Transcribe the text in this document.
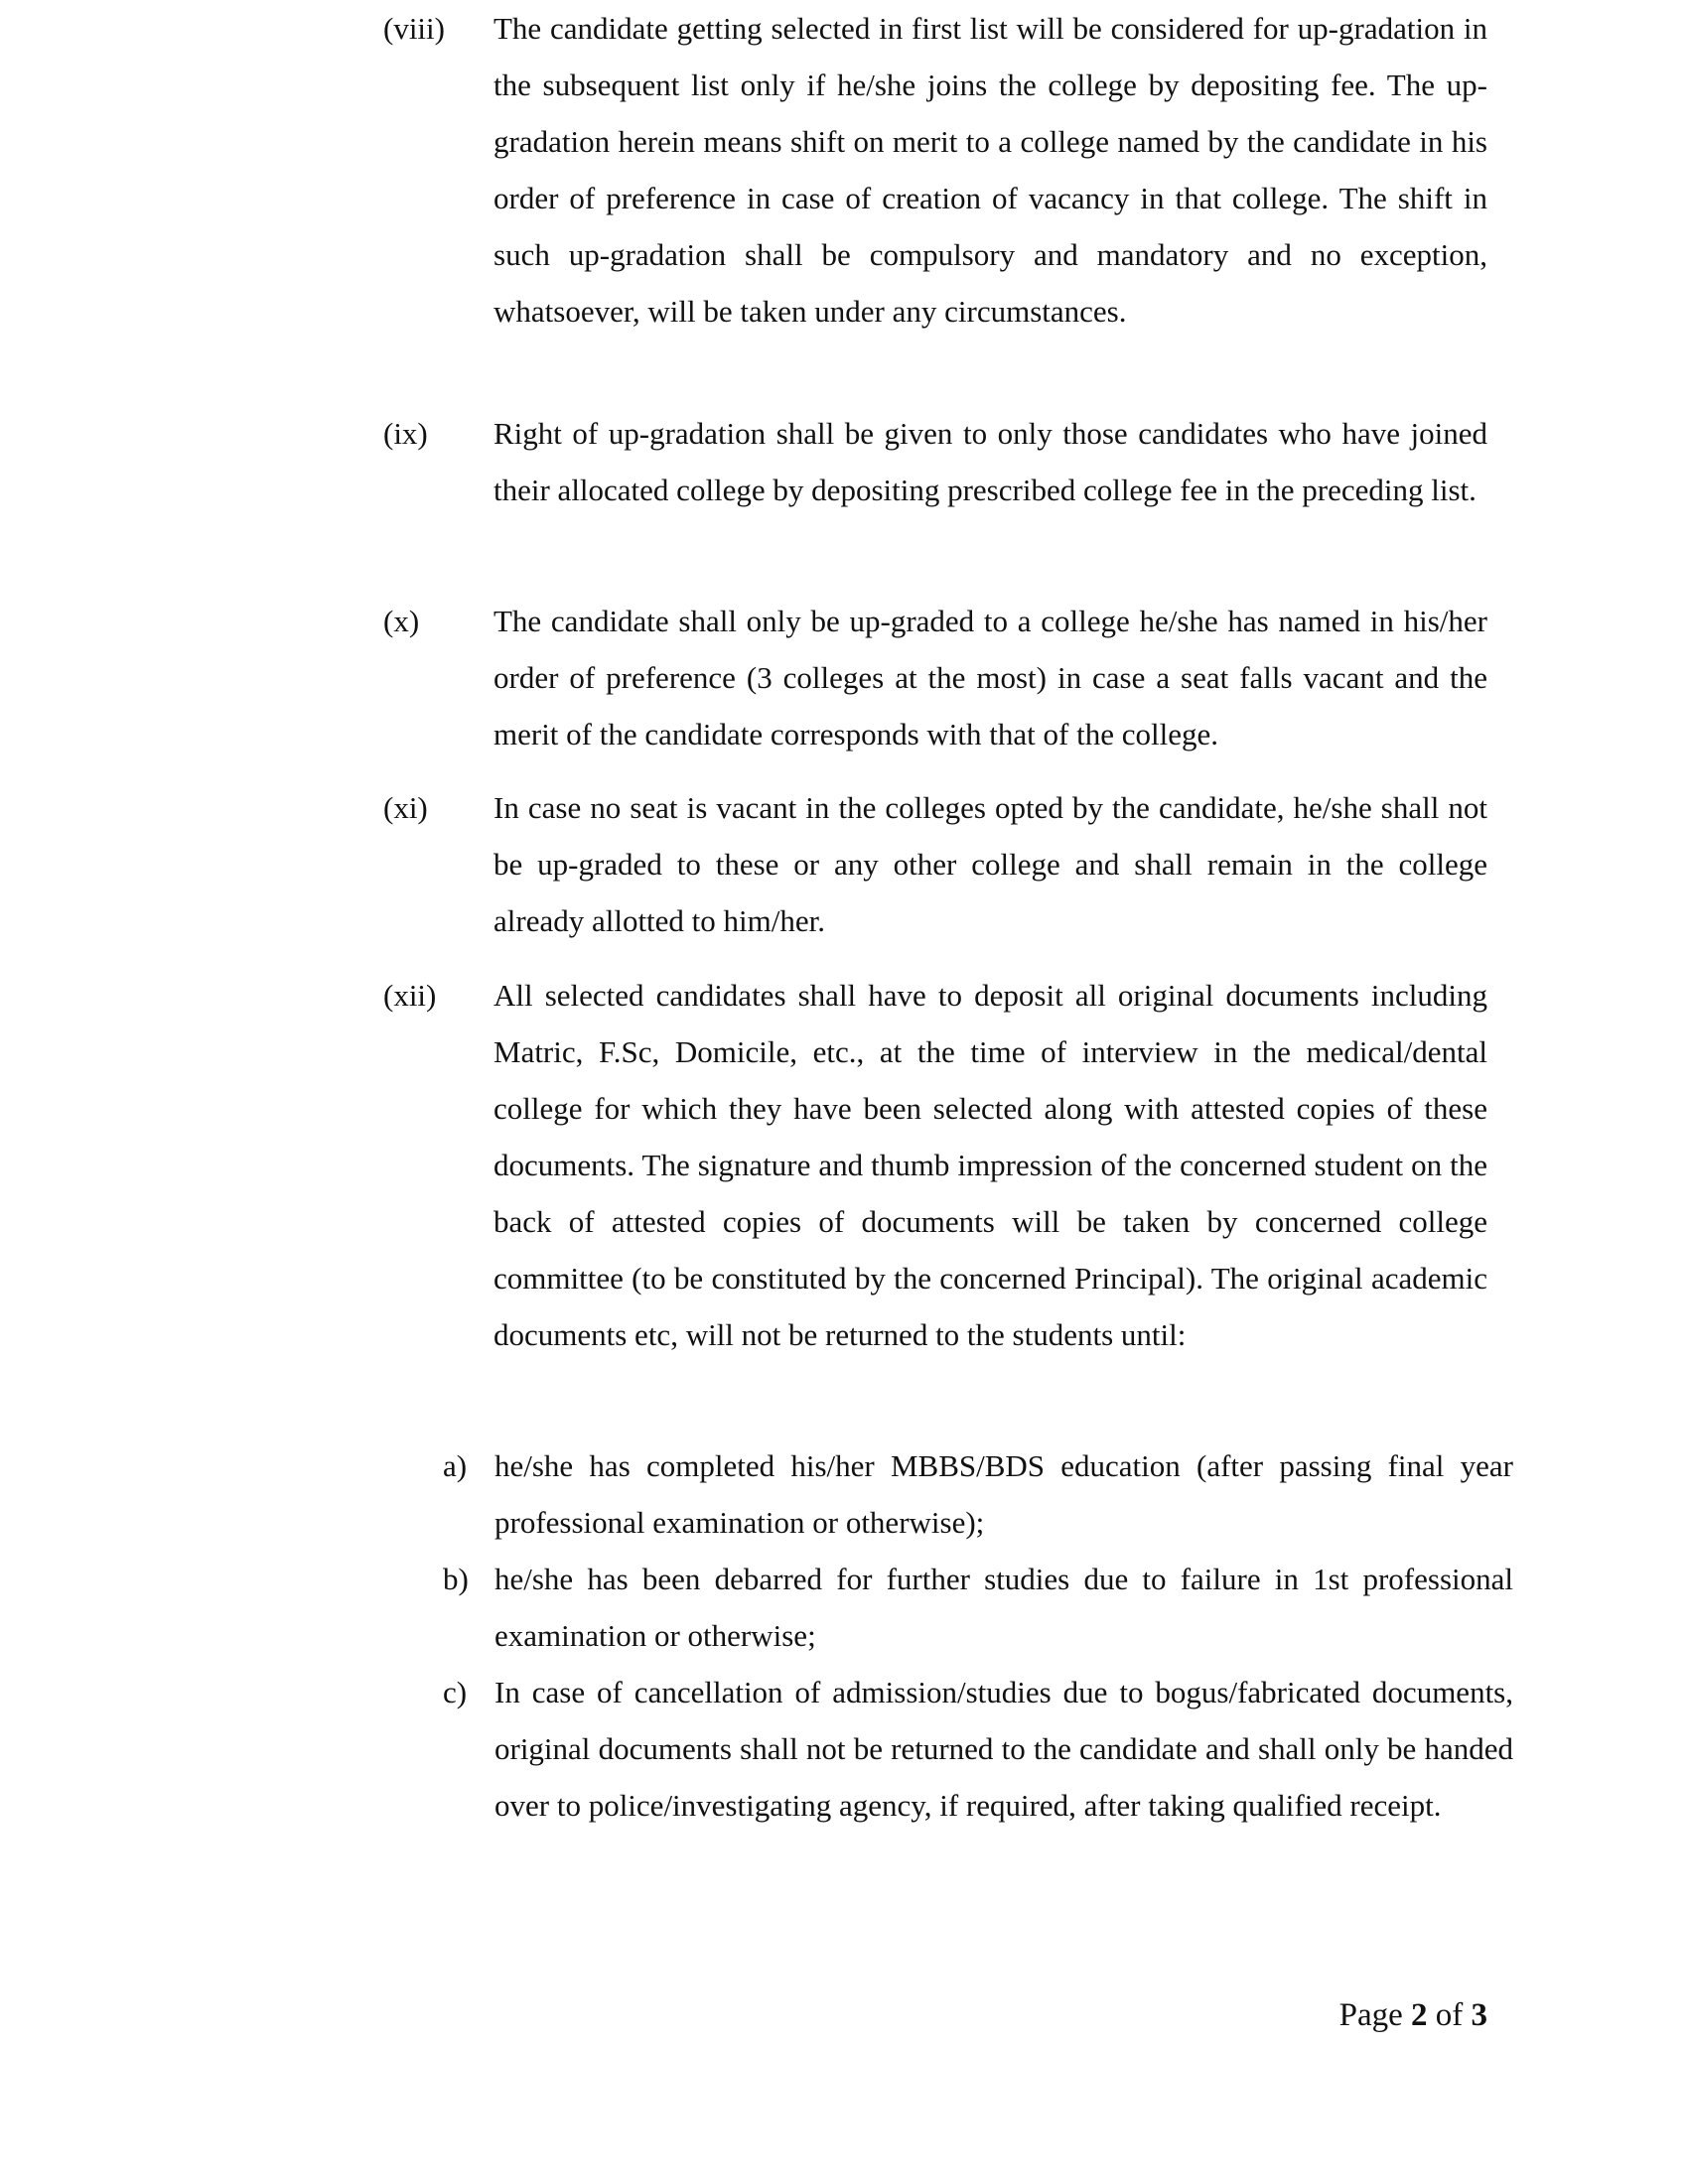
(viii) The candidate getting selected in first list will be considered for up-gradation in the subsequent list only if he/she joins the college by depositing fee. The up-gradation herein means shift on merit to a college named by the candidate in his order of preference in case of creation of vacancy in that college. The shift in such up-gradation shall be compulsory and mandatory and no exception, whatsoever, will be taken under any circumstances.

(ix) Right of up-gradation shall be given to only those candidates who have joined their allocated college by depositing prescribed college fee in the preceding list.

(x) The candidate shall only be up-graded to a college he/she has named in his/her order of preference (3 colleges at the most) in case a seat falls vacant and the merit of the candidate corresponds with that of the college.

(xi) In case no seat is vacant in the colleges opted by the candidate, he/she shall not be up-graded to these or any other college and shall remain in the college already allotted to him/her.

(xii) All selected candidates shall have to deposit all original documents including Matric, F.Sc, Domicile, etc., at the time of interview in the medical/dental college for which they have been selected along with attested copies of these documents. The signature and thumb impression of the concerned student on the back of attested copies of documents will be taken by concerned college committee (to be constituted by the concerned Principal). The original academic documents etc, will not be returned to the students until:

a) he/she has completed his/her MBBS/BDS education (after passing final year professional examination or otherwise);

b) he/she has been debarred for further studies due to failure in 1st professional examination or otherwise;

c) In case of cancellation of admission/studies due to bogus/fabricated documents, original documents shall not be returned to the candidate and shall only be handed over to police/investigating agency, if required, after taking qualified receipt.

Page 2 of 3
